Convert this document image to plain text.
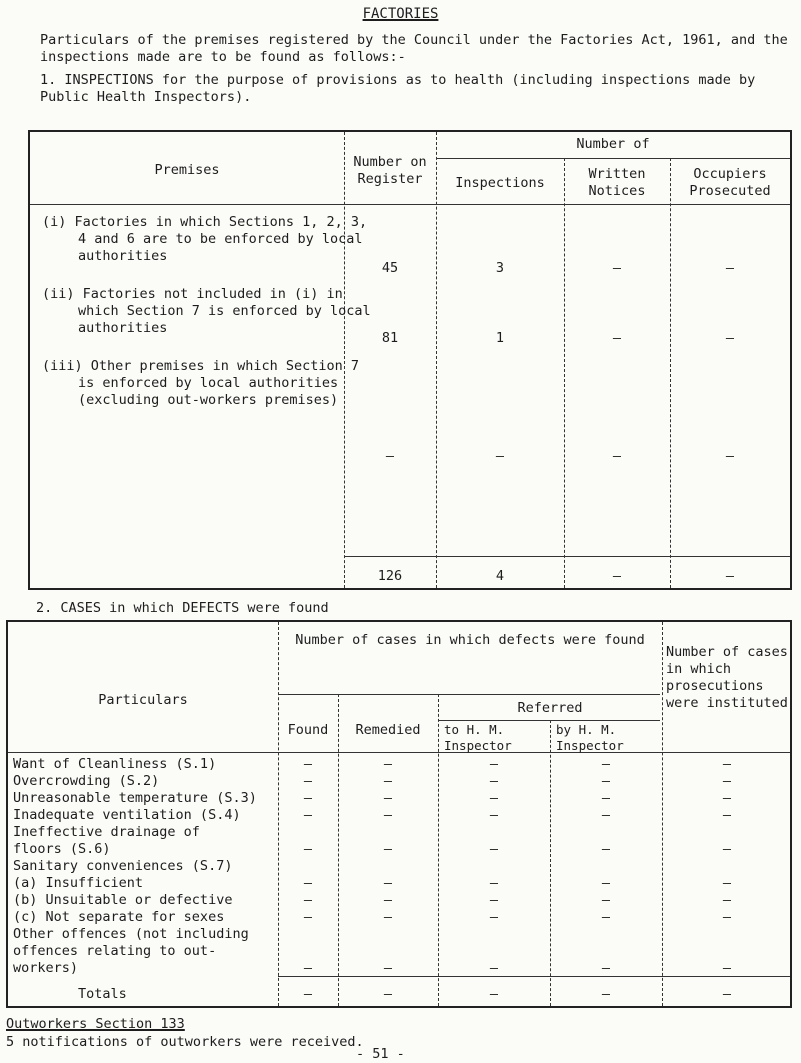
FACTORIES
Particulars of the premises registered by the Council under the Factories Act, 1961, and the inspections made are to be found as follows:-
1. INSPECTIONS for the purpose of provisions as to health (including inspections made by Public Health Inspectors).
Premises	Number on Register
Number of
Inspections
Written Notices
Occupiers Prosecuted
(i) Factories in which Sections 1, 2, 3, 4 and 6 are to be enforced by local authorities
45	3	–	–
(ii) Factories not included in (i) in which Section 7 is enforced by local authorities
81	1	–	–
(iii) Other premises in which Section 7 is enforced by local authorities (excluding out-workers premises)
–	–	–	–
126	4	–	–
2. CASES in which DEFECTS were found
Particulars
Number of cases in which defects were found
Found	Remedied
Referred
to H. M. Inspector
by H. M. Inspector
Number of cases in which prosecutions were instituted
Want of Cleanliness (S.1)	–	–	–	–	–
Overcrowding (S.2)	–	–	–	–	–
Unreasonable temperature (S.3)	–	–	–	–	–
Inadequate ventilation (S.4)	–	–	–	–	–
Ineffective drainage of
floors (S.6)	–	–	–	–	–
Sanitary conveniences (S.7)
(a) Insufficient	–	–	–	–	–
(b) Unsuitable or defective	–	–	–	–	–
(c) Not separate for sexes	–	–	–	–	–
Other offences (not including
offences relating to out-
workers)	–	–	–	–	–
Totals	–	–	–	–	–
Outworkers Section 133
5 notifications of outworkers were received.
- 51 -
